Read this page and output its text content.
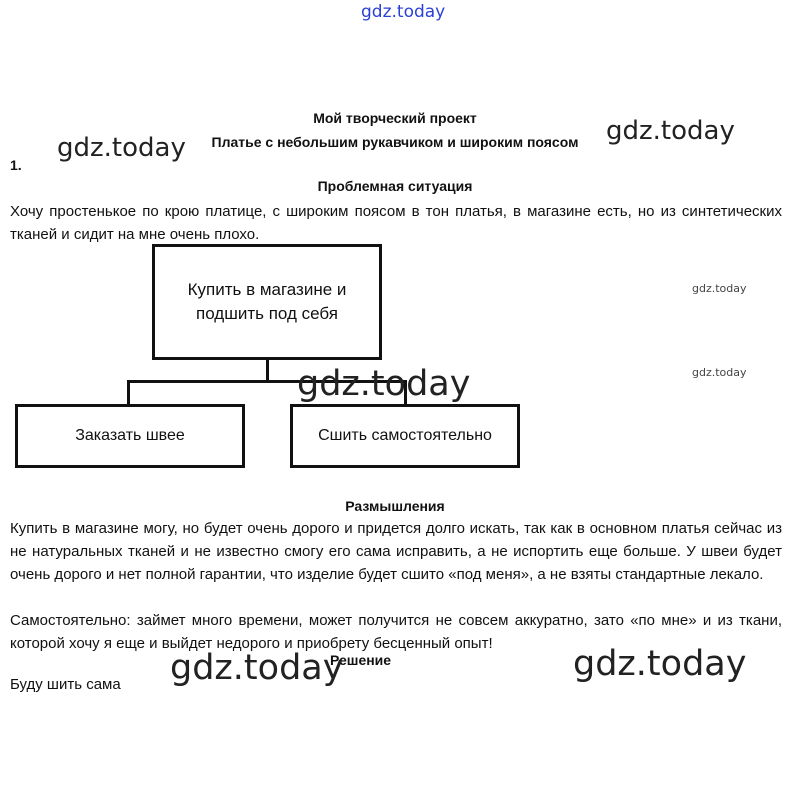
gdz.today
gdz.today
gdz.today
gdz.today
gdz.today
Мой творческий проект
Платье с небольшим рукавчиком и широким поясом
1.
Проблемная ситуация
Хочу простенькое по крою платице, с широким поясом в тон платья, в магазине есть, но из синтетических тканей и сидит на мне очень плохо.
Купить в магазине и подшить под себя
Заказать швее	Сшить самостоятельно
gdz.today
Размышления
Купить в магазине могу, но будет очень дорого и придется долго искать, так как в основном платья сейчас из не натуральных тканей и не известно смогу его сама исправить, а не испортить еще больше. У швеи будет очень дорого и нет полной гарантии, что изделие будет сшито «под меня», а не взяты стандартные лекало.
Самостоятельно: займет много времени, может получится не совсем аккуратно, зато «по мне» и из ткани, которой хочу я еще и выйдет недорого и приобрету бесценный опыт!
Решение
Буду шить сама gdz.today	gdz.today
